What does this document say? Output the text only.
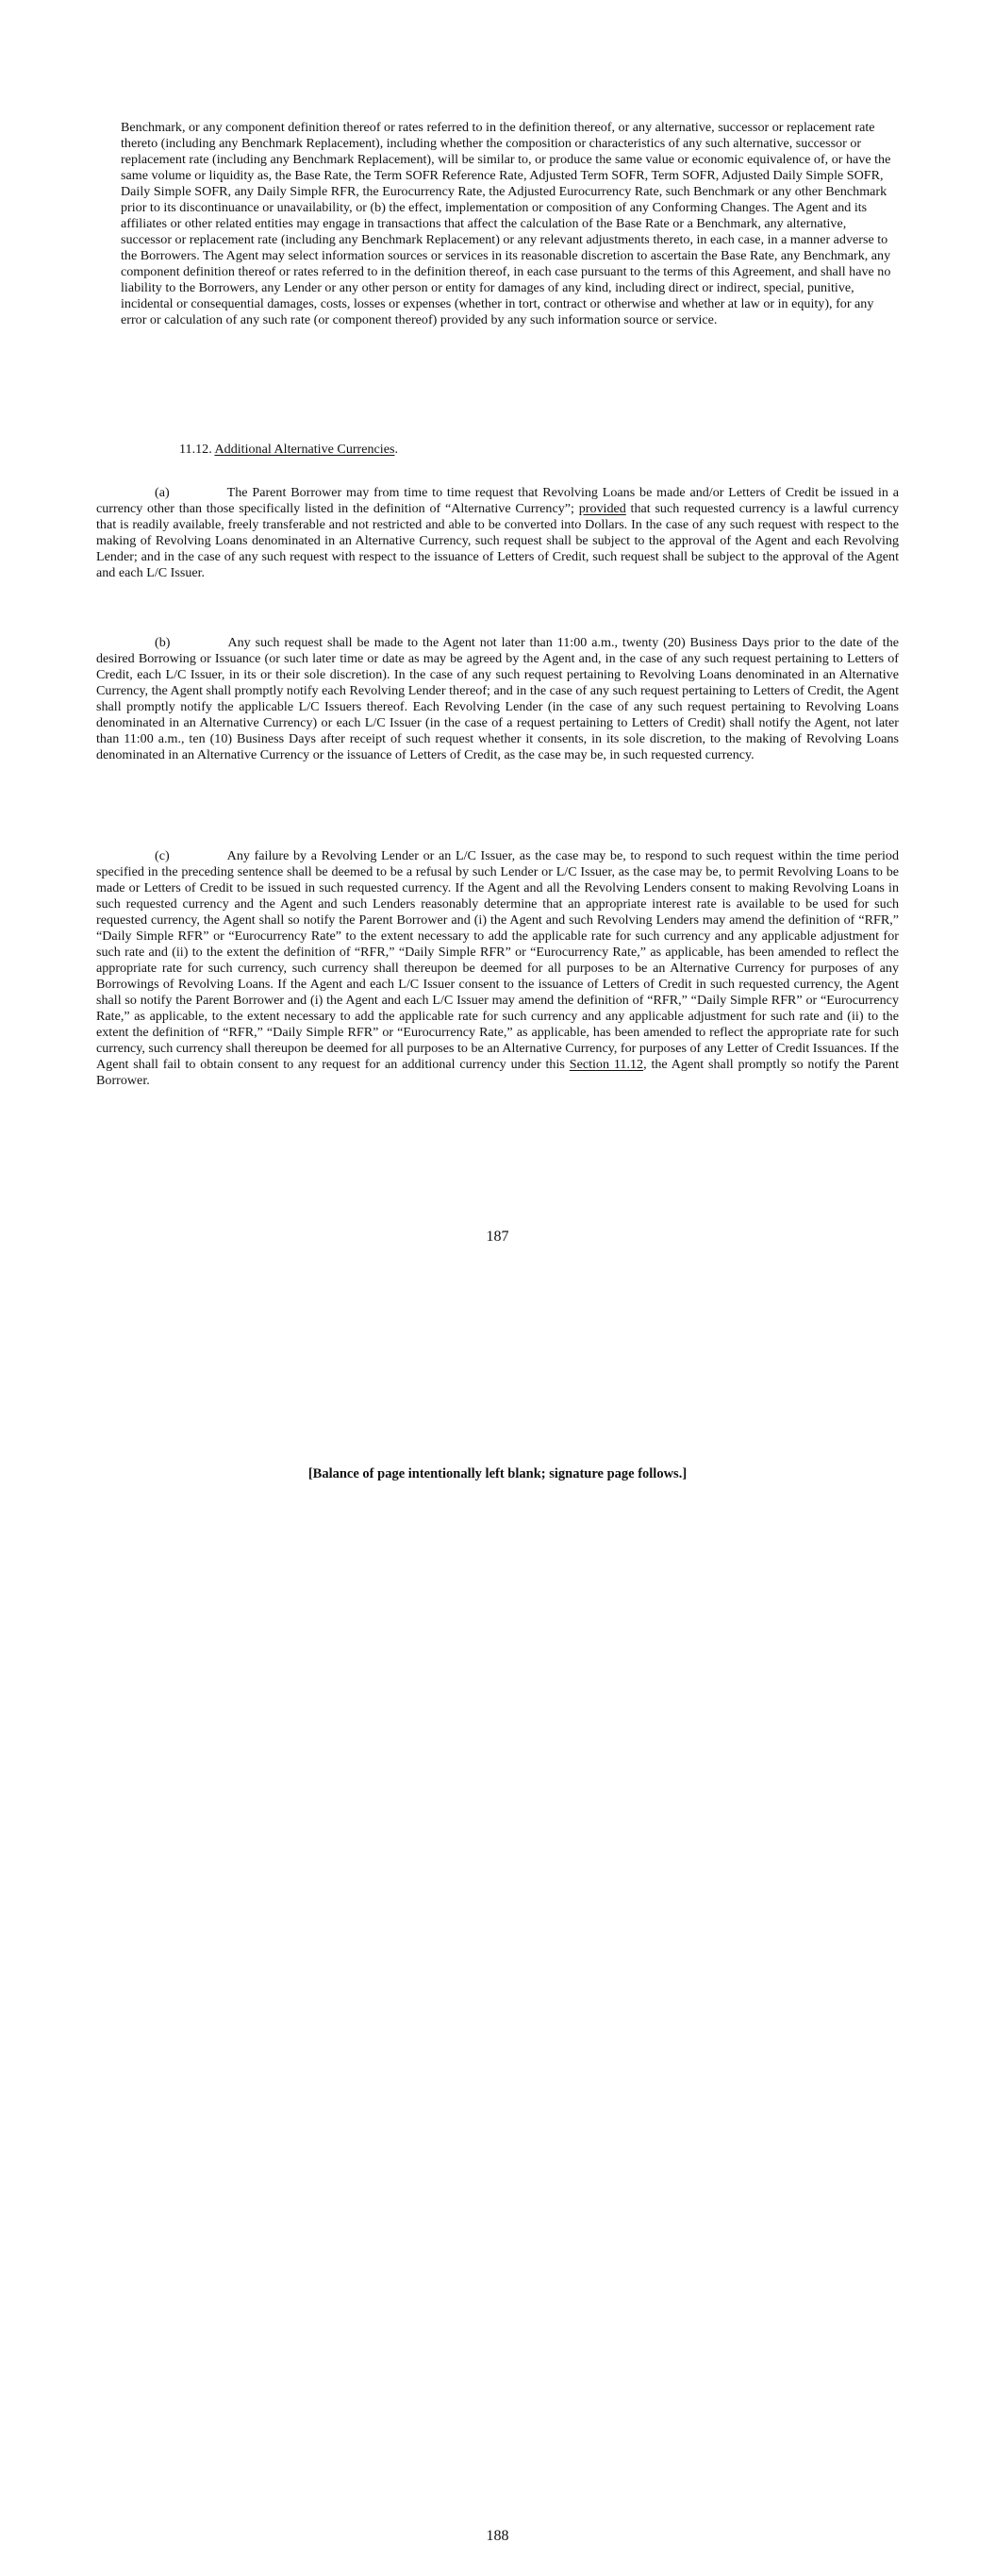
Benchmark, or any component definition thereof or rates referred to in the definition thereof, or any alternative, successor or replacement rate thereto (including any Benchmark Replacement), including whether the composition or characteristics of any such alternative, successor or replacement rate (including any Benchmark Replacement), will be similar to, or produce the same value or economic equivalence of, or have the same volume or liquidity as, the Base Rate, the Term SOFR Reference Rate, Adjusted Term SOFR, Term SOFR, Adjusted Daily Simple SOFR, Daily Simple SOFR, any Daily Simple RFR, the Eurocurrency Rate, the Adjusted Eurocurrency Rate, such Benchmark or any other Benchmark prior to its discontinuance or unavailability, or (b) the effect, implementation or composition of any Conforming Changes. The Agent and its affiliates or other related entities may engage in transactions that affect the calculation of the Base Rate or a Benchmark, any alternative, successor or replacement rate (including any Benchmark Replacement) or any relevant adjustments thereto, in each case, in a manner adverse to the Borrowers. The Agent may select information sources or services in its reasonable discretion to ascertain the Base Rate, any Benchmark, any component definition thereof or rates referred to in the definition thereof, in each case pursuant to the terms of this Agreement, and shall have no liability to the Borrowers, any Lender or any other person or entity for damages of any kind, including direct or indirect, special, punitive, incidental or consequential damages, costs, losses or expenses (whether in tort, contract or otherwise and whether at law or in equity), for any error or calculation of any such rate (or component thereof) provided by any such information source or service.

11.12. Additional Alternative Currencies.

(a)	The Parent Borrower may from time to time request that Revolving Loans be made and/or Letters of Credit be issued in a currency other than those specifically listed in the definition of “Alternative Currency”; provided that such requested currency is a lawful currency that is readily available, freely transferable and not restricted and able to be converted into Dollars. In the case of any such request with respect to the making of Revolving Loans denominated in an Alternative Currency, such request shall be subject to the approval of the Agent and each Revolving Lender; and in the case of any such request with respect to the issuance of Letters of Credit, such request shall be subject to the approval of the Agent and each L/C Issuer.

(b)	Any such request shall be made to the Agent not later than 11:00 a.m., twenty (20) Business Days prior to the date of the desired Borrowing or Issuance (or such later time or date as may be agreed by the Agent and, in the case of any such request pertaining to Letters of Credit, each L/C Issuer, in its or their sole discretion). In the case of any such request pertaining to Revolving Loans denominated in an Alternative Currency, the Agent shall promptly notify each Revolving Lender thereof; and in the case of any such request pertaining to Letters of Credit, the Agent shall promptly notify the applicable L/C Issuers thereof. Each Revolving Lender (in the case of any such request pertaining to Revolving Loans denominated in an Alternative Currency) or each L/C Issuer (in the case of a request pertaining to Letters of Credit) shall notify the Agent, not later than 11:00 a.m., ten (10) Business Days after receipt of such request whether it consents, in its sole discretion, to the making of Revolving Loans denominated in an Alternative Currency or the issuance of Letters of Credit, as the case may be, in such requested currency.

(c)	Any failure by a Revolving Lender or an L/C Issuer, as the case may be, to respond to such request within the time period specified in the preceding sentence shall be deemed to be a refusal by such Lender or L/C Issuer, as the case may be, to permit Revolving Loans to be made or Letters of Credit to be issued in such requested currency. If the Agent and all the Revolving Lenders consent to making Revolving Loans in such requested currency and the Agent and such Lenders reasonably determine that an appropriate interest rate is available to be used for such requested currency, the Agent shall so notify the Parent Borrower and (i) the Agent and such Revolving Lenders may amend the definition of “RFR,” “Daily Simple RFR” or “Eurocurrency Rate” to the extent necessary to add the applicable rate for such currency and any applicable adjustment for such rate and (ii) to the extent the definition of “RFR,” “Daily Simple RFR” or “Eurocurrency Rate,” as applicable, has been amended to reflect the appropriate rate for such currency, such currency shall thereupon be deemed for all purposes to be an Alternative Currency for purposes of any Borrowings of Revolving Loans. If the Agent and each L/C Issuer consent to the issuance of Letters of Credit in such requested currency, the Agent shall so notify the Parent Borrower and (i) the Agent and each L/C Issuer may amend the definition of “RFR,” “Daily Simple RFR” or “Eurocurrency Rate,” as applicable, to the extent necessary to add the applicable rate for such currency and any applicable adjustment for such rate and (ii) to the extent the definition of “RFR,” “Daily Simple RFR” or “Eurocurrency Rate,” as applicable, has been amended to reflect the appropriate rate for such currency, such currency shall thereupon be deemed for all purposes to be an Alternative Currency, for purposes of any Letter of Credit Issuances. If the Agent shall fail to obtain consent to any request for an additional currency under this Section 11.12, the Agent shall promptly so notify the Parent Borrower.

187
[Balance of page intentionally left blank; signature page follows.]
188
